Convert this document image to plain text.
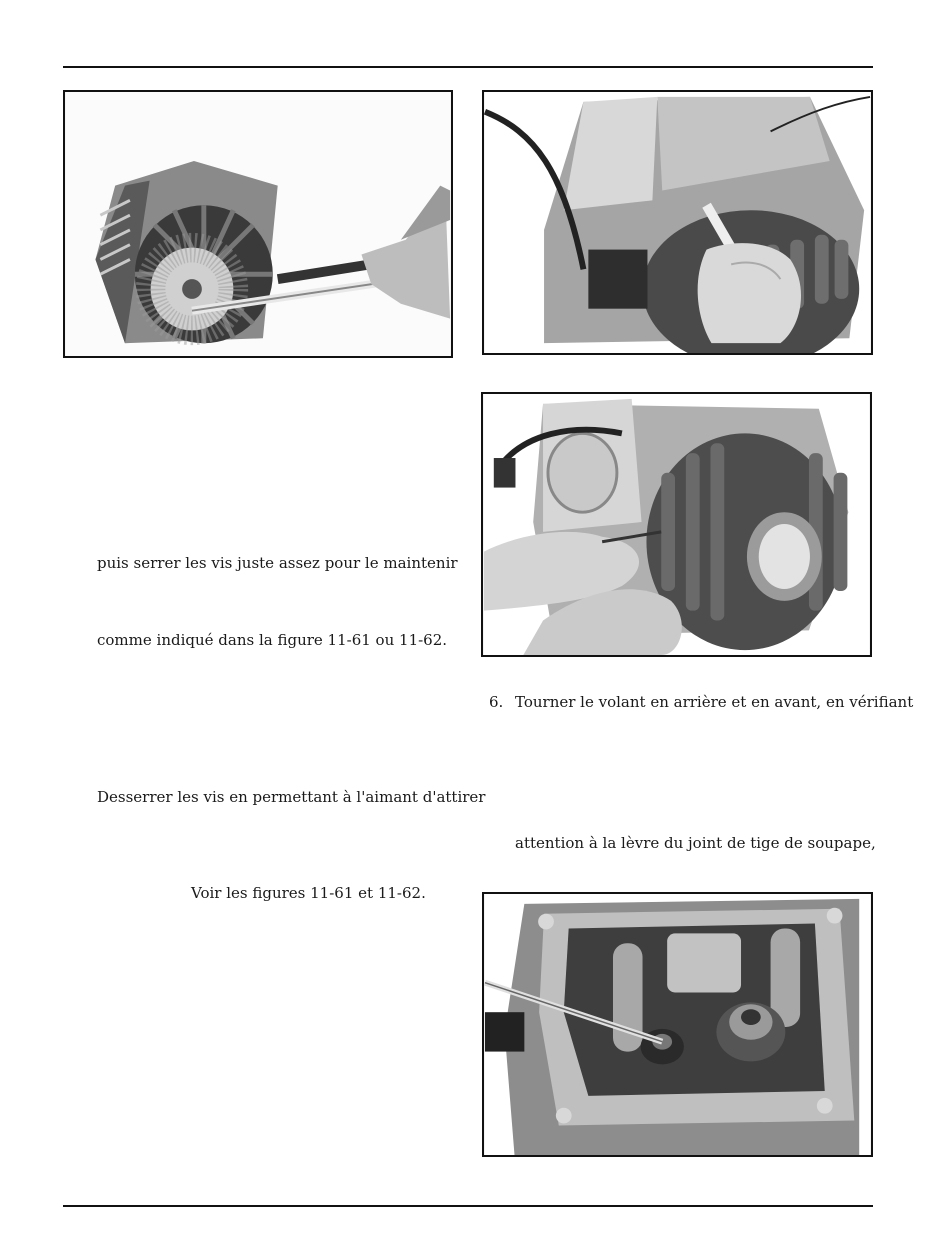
puis serrer les vis juste assez pour le maintenir
comme indiqué dans la figure 11-61 ou 11-62.
Desserrer les vis en permettant à l'aimant d'attirer
Voir les figures 11-61 et 11-62.
6. Tourner le volant en arrière et en avant, en vérifiant
attention à la lèvre du joint de tige de soupape,
